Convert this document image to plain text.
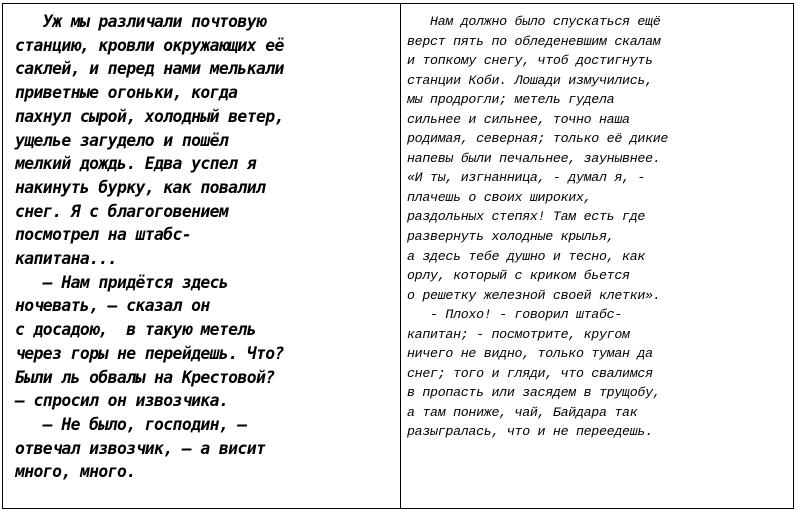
Уж мы различали почтовую
станцию, кровли окружающих её
саклей, и перед нами мелькали
приветные огоньки, когда
пахнул сырой, холодный ветер,
ущелье загудело и пошёл
мелкий дождь. Едва успел я
накинуть бурку, как повалил
снег. Я с благоговением
посмотрел на штабс-
капитана...
– Нам придётся здесь
ночевать, – сказал он
с досадою,  в такую метель
через горы не перейдешь. Что?
Были ль обвалы на Крестовой?
– спросил он извозчика.
– Не было, господин, –
отвечал извозчик, – а висит
много, много.
Нам должно было спускаться ещё
верст пять по обледеневшим скалам
и топкому снегу, чтоб достигнуть
станции Коби. Лошади измучились,
мы продрогли; метель гудела
сильнее и сильнее, точно наша
родимая, северная; только её дикие
напевы были печальнее, заунывнее.
«И ты, изгнанница, - думал я, -
плачешь о своих широких,
раздольных степях! Там есть где
развернуть холодные крылья,
а здесь тебе душно и тесно, как
орлу, который с криком бьется
о решетку железной своей клетки».
- Плохо! - говорил штабс-
капитан; - посмотрите, кругом
ничего не видно, только туман да
снег; того и гляди, что свалимся
в пропасть или засядем в трущобу,
а там пониже, чай, Байдара так
разыгралась, что и не переедешь.
